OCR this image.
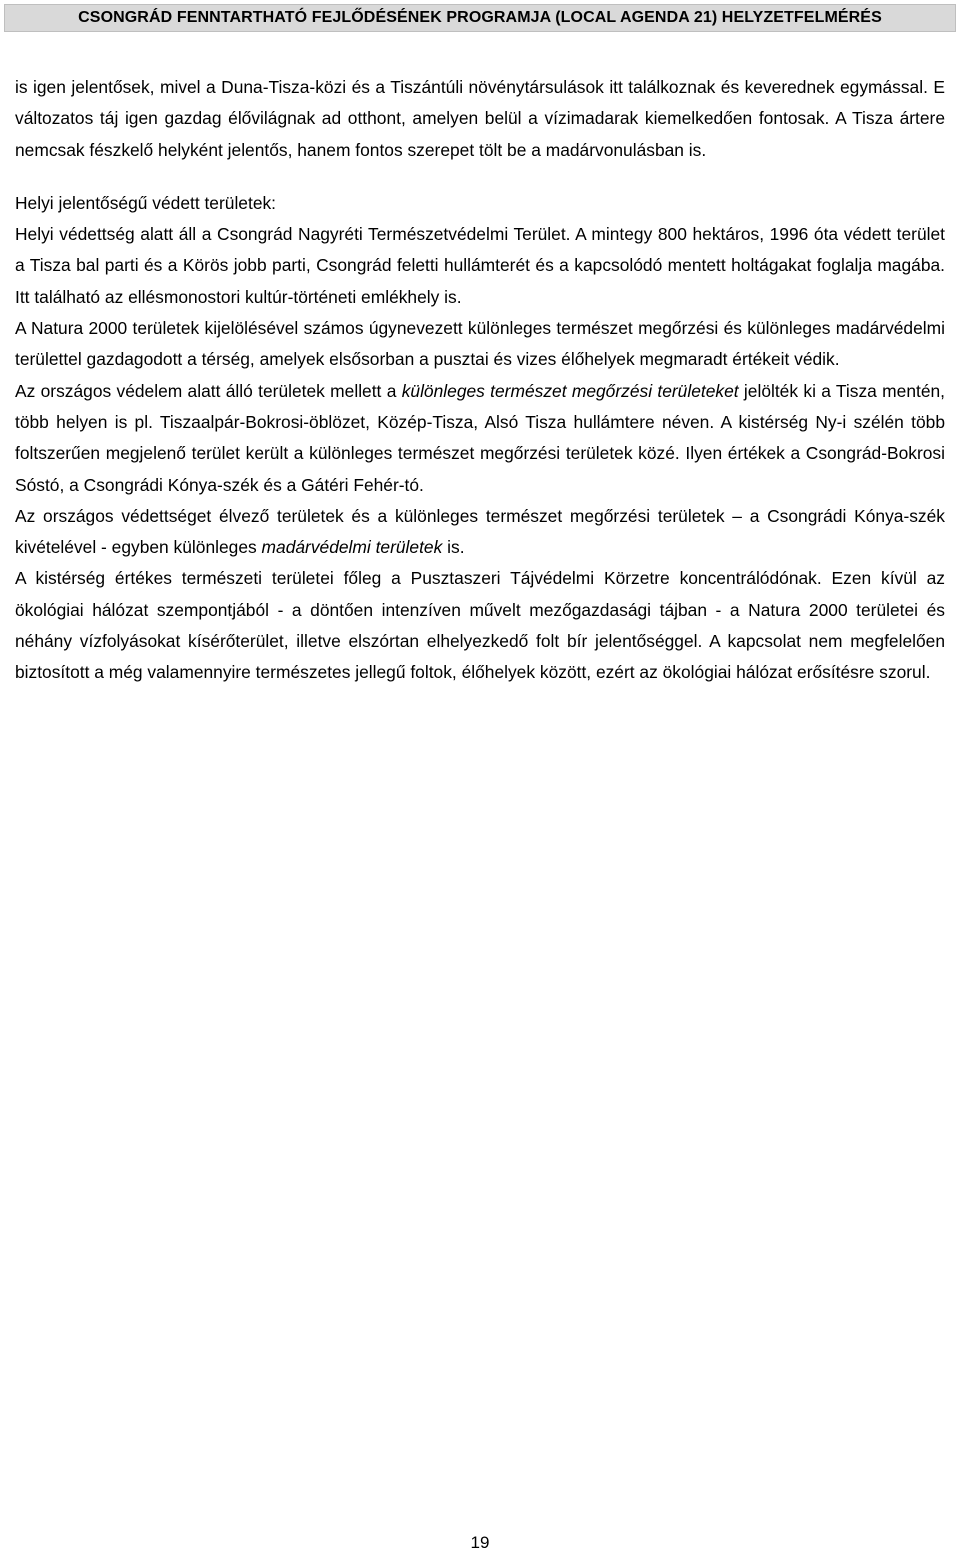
CSONGRÁD FENNTARTHATÓ FEJLŐDÉSÉNEK PROGRAMJA (LOCAL AGENDA 21) HELYZETFELMÉRÉS

is igen jelentősek, mivel a Duna-Tisza-közi és a Tiszántúli növénytársulások itt találkoznak és keverednek egymással. E változatos táj igen gazdag élővilágnak ad otthont, amelyen belül a vízimadarak kiemelkedően fontosak. A Tisza ártere nemcsak fészkelő helyként jelentős, hanem fontos szerepet tölt be a madárvonulásban is.

Helyi jelentőségű védett területek:

Helyi védettség alatt áll a Csongrád Nagyréti Természetvédelmi Terület. A mintegy 800 hektáros, 1996 óta védett terület a Tisza bal parti és a Körös jobb parti, Csongrád feletti hullámterét és a kapcsolódó mentett holtágakat foglalja magába. Itt található az ellésmonostori kultúr-történeti emlékhely is.

A Natura 2000 területek kijelölésével számos úgynevezett különleges természet megőrzési és különleges madárvédelmi területtel gazdagodott a térség, amelyek elsősorban a pusztai és vizes élőhelyek megmaradt értékeit védik.

Az országos védelem alatt álló területek mellett a különleges természet megőrzési területeket jelölték ki a Tisza mentén, több helyen is pl. Tiszaalpár-Bokrosi-öblözet, Közép-Tisza, Alsó Tisza hullámtere néven. A kistérség Ny-i szélén több foltszerűen megjelenő terület került a különleges természet megőrzési területek közé. Ilyen értékek a Csongrád-Bokrosi Sóstó, a Csongrádi Kónya-szék és a Gátéri Fehér-tó.

Az országos védettséget élvező területek és a különleges természet megőrzési területek – a Csongrádi Kónya-szék kivételével - egyben különleges madárvédelmi területek is.

A kistérség értékes természeti területei főleg a Pusztaszeri Tájvédelmi Körzetre koncentrálódónak. Ezen kívül az ökológiai hálózat szempontjából - a döntően intenzíven művelt mezőgazdasági tájban - a Natura 2000 területei és néhány vízfolyásokat kísérőterület, illetve elszórtan elhelyezkedő folt bír jelentőséggel. A kapcsolat nem megfelelően biztosított a még valamennyire természetes jellegű foltok, élőhelyek között, ezért az ökológiai hálózat erősítésre szorul.

19
